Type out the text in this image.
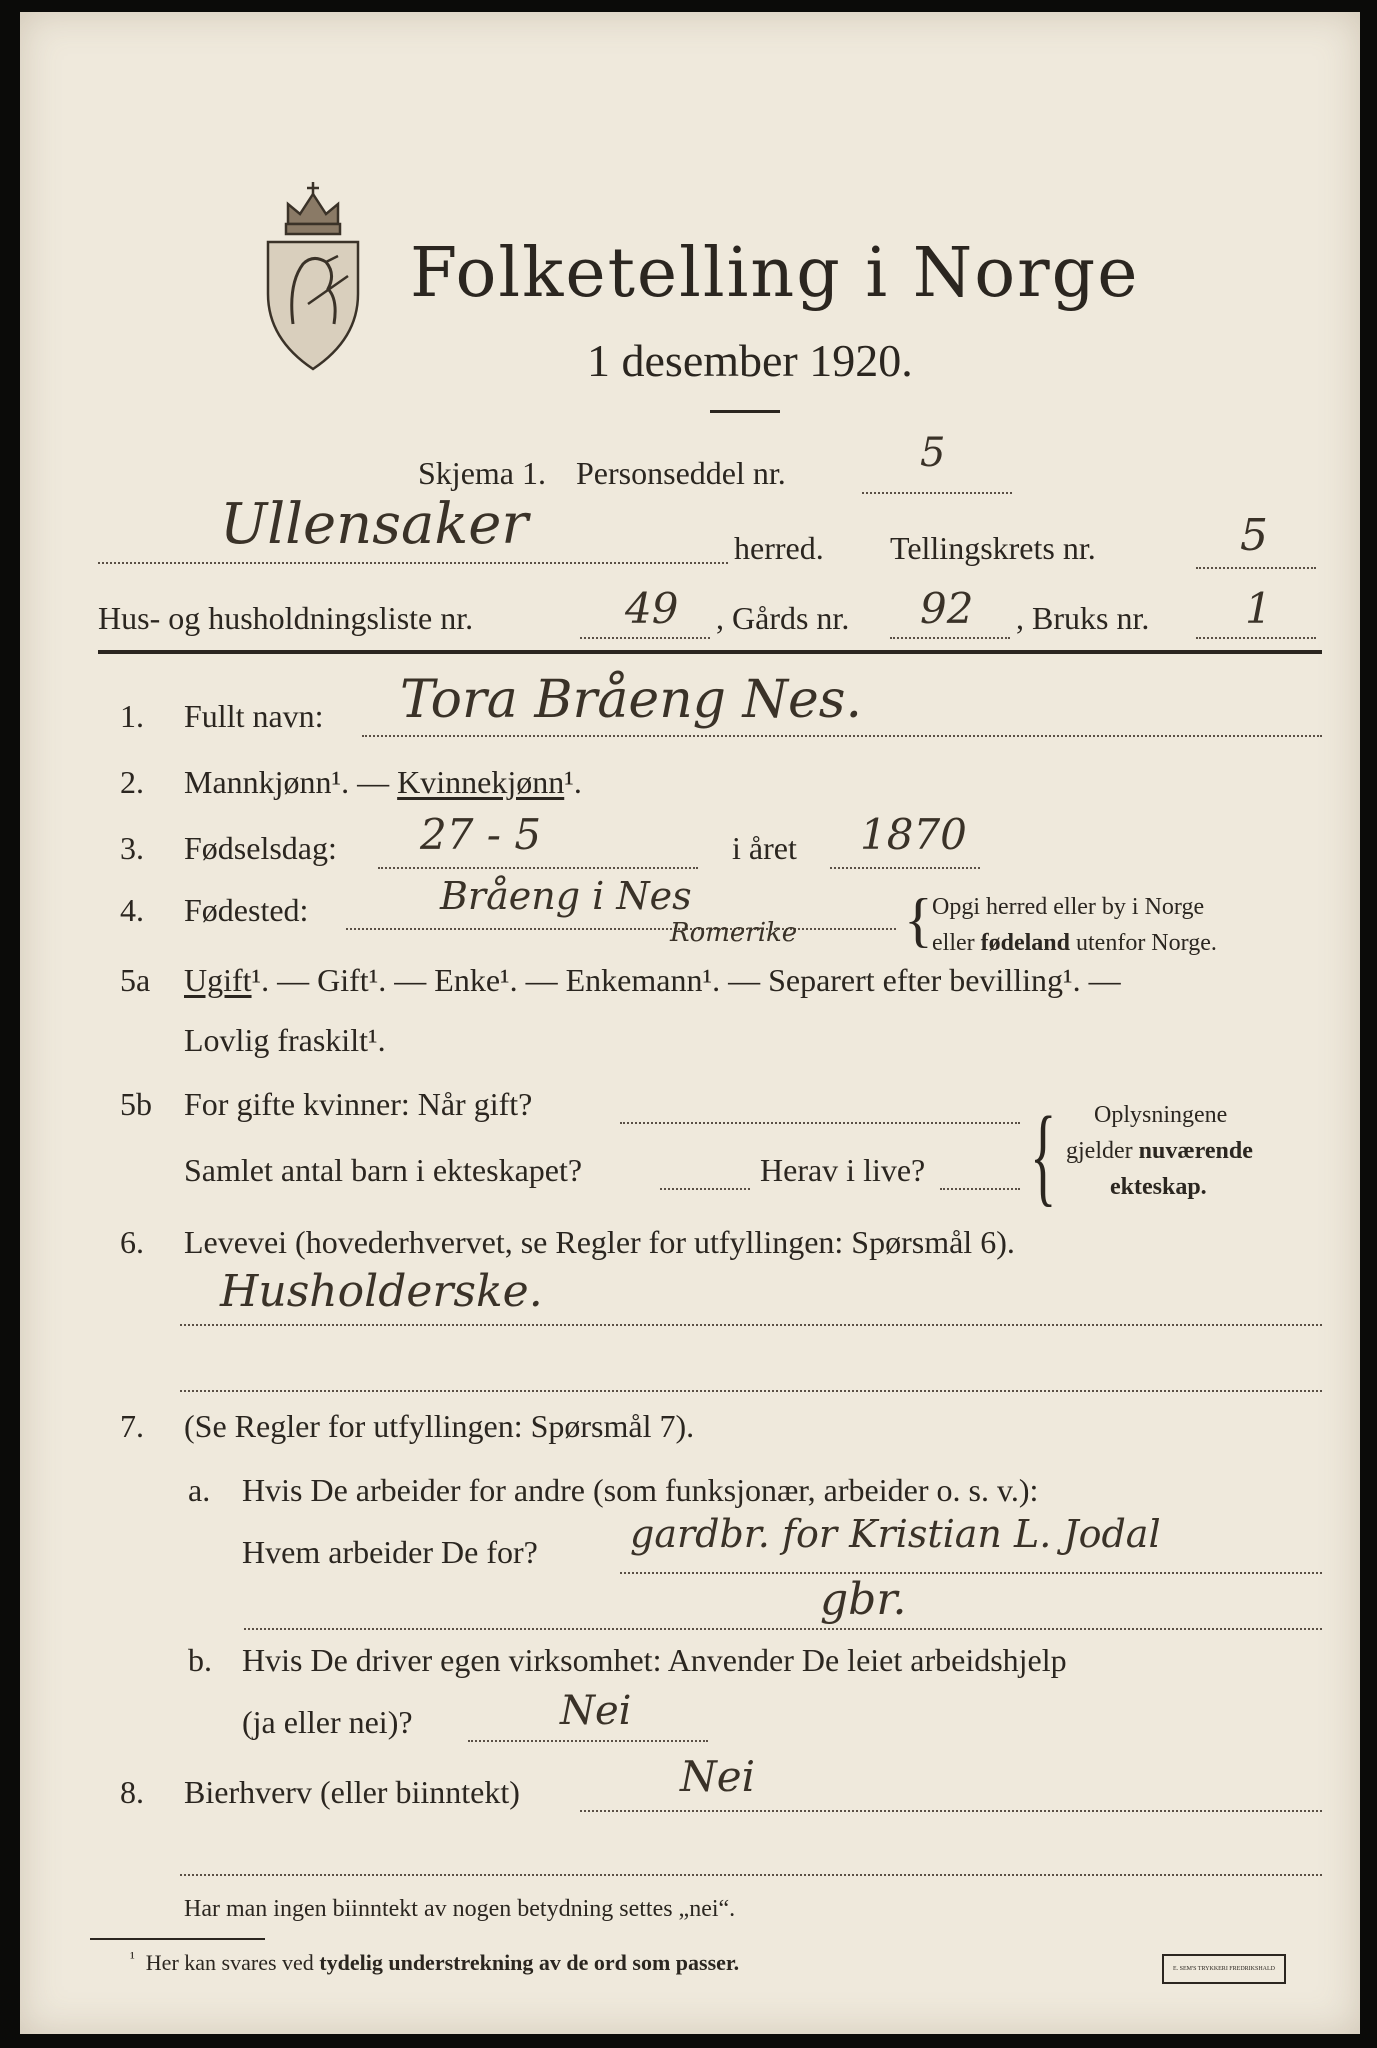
Folketelling i Norge
1 desember 1920.
Skjema 1. Personseddel nr.	5
Ullensaker	herred. Tellingskrets nr.	5
Hus- og husholdningsliste nr.	49 , Gårds nr. 92 , Bruks nr. 1
1. Fullt navn: Tora Bråeng Nes.
2. Mannkjønn¹. — Kvinnekjønn¹.
3. Fødselsdag: 27 - 5	i året 1870
4. Fødested:	Bråeng i Nes
Romerike { Opgi herred eller by i Norge
eller fødeland utenfor Norge.
5a Ugift¹. — Gift¹. — Enke¹. — Enkemann¹. — Separert efter bevilling¹. —
Lovlig fraskilt¹.
5b For gifte kvinner: Når gift?
Samlet antal barn i ekteskapet?	Herav i live? { Oplysningene
gjelder nuværende
ekteskap.
6. Levevei (hovederhvervet, se Regler for utfyllingen: Spørsmål 6).
Husholderske.
7. (Se Regler for utfyllingen: Spørsmål 7).
a. Hvis De arbeider for andre (som funksjonær, arbeider o. s. v.):
Hvem arbeider De for? gardbr. for Kristian L. Jodal
gbr.
b. Hvis De driver egen virksomhet: Anvender De leiet arbeidshjelp
(ja eller nei)?	Nei
8. Bierhverv (eller biinntekt)	Nei
Har man ingen biinntekt av nogen betydning settes „nei“.
$^{^1}$ Her kan svares ved tydelig understrekning av de ord som passer.	E. SEM'S TRYKKERI FREDRIKSHALD
